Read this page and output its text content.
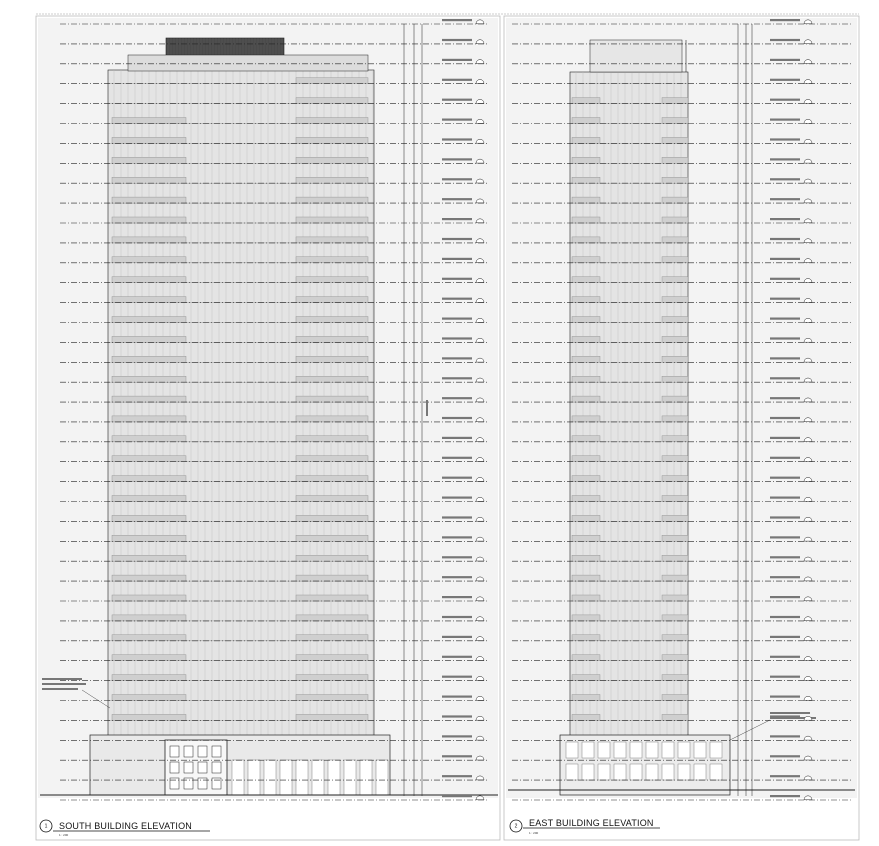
1 SOUTH BUILDING ELEVATION
1 : 200
2 EAST BUILDING ELEVATION
1 : 200
